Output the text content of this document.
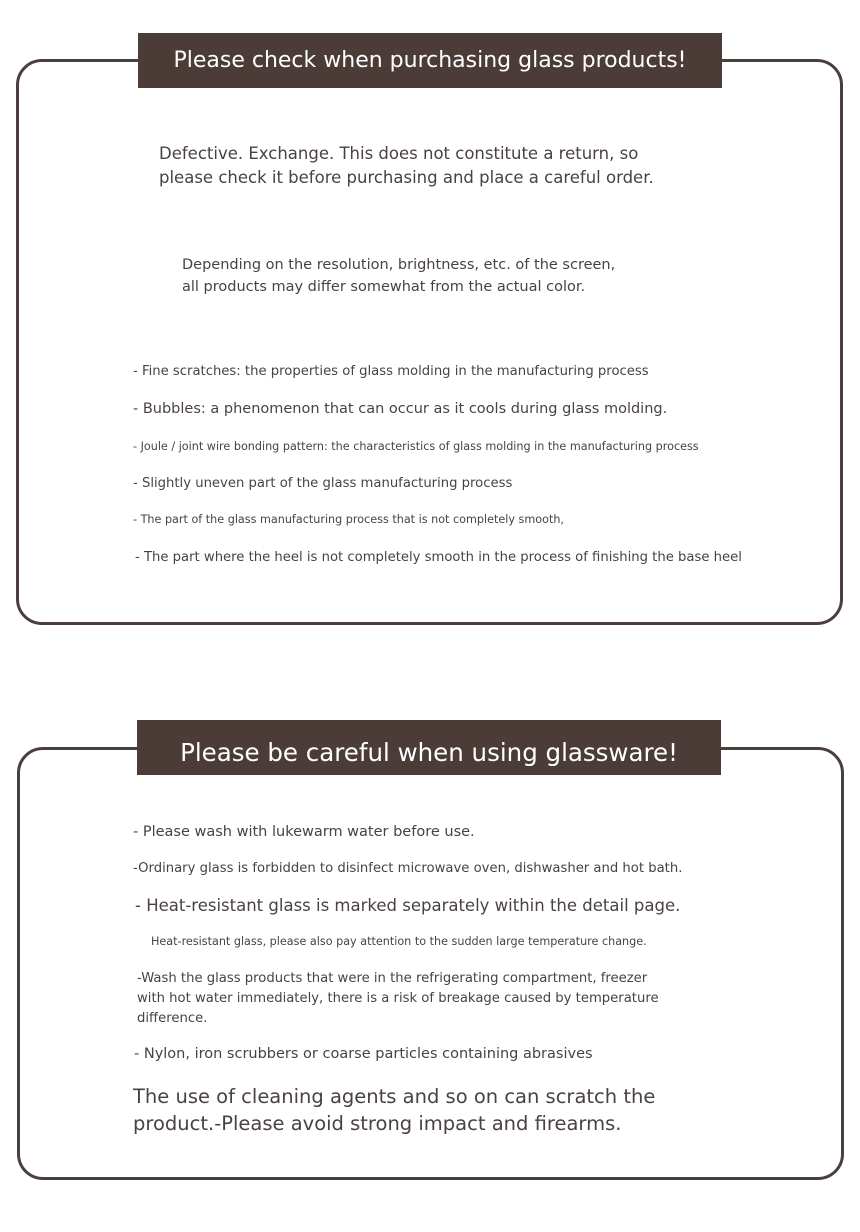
Please check when purchasing glass products!
Defective. Exchange. This does not constitute a return, so
please check it before purchasing and place a careful order.
Depending on the resolution, brightness, etc. of the screen,
all products may differ somewhat from the actual color.
- Fine scratches: the properties of glass molding in the manufacturing process
- Bubbles: a phenomenon that can occur as it cools during glass molding.
- Joule / joint wire bonding pattern: the characteristics of glass molding in the manufacturing process
- Slightly uneven part of the glass manufacturing process
- The part of the glass manufacturing process that is not completely smooth,
- The part where the heel is not completely smooth in the process of finishing the base heel
Please be careful when using glassware!
- Please wash with lukewarm water before use.
-Ordinary glass is forbidden to disinfect microwave oven, dishwasher and hot bath.
- Heat-resistant glass is marked separately within the detail page.
Heat-resistant glass, please also pay attention to the sudden large temperature change.
-Wash the glass products that were in the refrigerating compartment, freezer
with hot water immediately, there is a risk of breakage caused by temperature
difference.
- Nylon, iron scrubbers or coarse particles containing abrasives
The use of cleaning agents and so on can scratch the
product.-Please avoid strong impact and firearms.
